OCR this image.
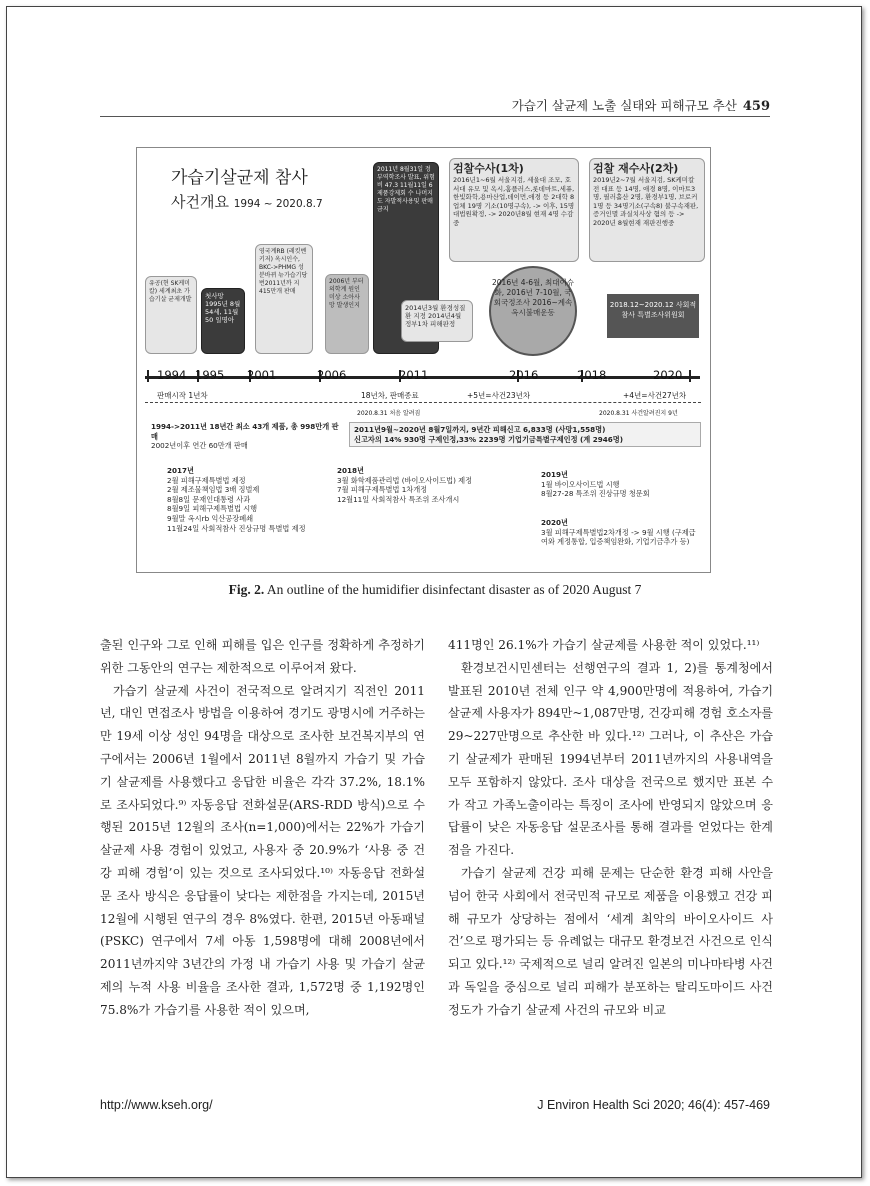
가습기 살균제 노출 실태와 피해규모 추산 459
가습기살균제 참사
사건개요 1994 ~ 2020.8.7
유공(현 SK케미칼) 세계최초 가습기살 균제개발	첫사망 1995년 8월54세, 11월50 일명아
영국계RB (레킷벤키저) 옥시인수, BKC->PHMG 성분바뀌 뉴가습기당 번2011년까 지 415만개 판매
2006년 부터 의학계 원인미상 소아사망 발생인지
2011년 8월31일 정부역학조사 발표, 위험비 47.3 11월11일 6제품강제회 수 나머지도 자발적사용및 판매금지
검찰수사(1차)
2016년1~6월 서울지검, 세울대 조모, 호서대 유모 및 옥시,홈플러스,롯데마트,세퓨,한빛화학,용마산업,데이먼,애경 등 2대학 8업체 19명 기소(10명구속), -> 이후, 15명대법원확정, -> 2020년8월 현재 4명 수감중
검찰 재수사(2차)
2019년2~7월 서울지검, SK케미칼 전 대표 등 14명, 애경 8명, 이마트3명, 필러홀산 2명, 환경부1명, 브로커1명 등 34명기소(구속8) 불구속재판, 증거인멸 과실치사상 혐의 등 -> 2020년 8월현재 재판진행중
2014년3월 환경성질환 지정 2014년4월 정부1차 피해판정
2016년 4-6월, 최대이슈화, 2016년 7-10월, 국회국정조사 2016~계속 옥시불매운동
2018.12~2020.12 사회적참사 특별조사위원회
1994 1995 2001	2006	2011	2016	2018	2020
판매시작 1년차	18년차, 판매종료	+5년=사건23년차	+4년=사건27년차
2020.8.31 처음 알려짐	2020.8.31 사건알려진지 9년
1994->2011년 18년간 최소 43개 제품, 총 998만개 판매
2002년이후 연간 60만개 판매
2011년9월~2020년 8월7일까지, 9년간 피해신고 6,833명 (사망1,558명)
신고자의 14% 930명 구제인정,33% 2239명 기업기금특별구제인정 (계 2946명)
2017년
2월 피해구제특별법 제정
2월 제조물책임법 3배 징벌제
8월8일 문재인대통령 사과
8월9일 피해구제특별법 시행
9월말 옥시rb 익산공장폐쇄
11월24일 사회적참사 진상규명 특별법 제정
2018년
3월 화학제품관리법 (바이오사이드법) 제정
7월 피해구제특별법 1차개정
12월11일 사회적참사 특조위 조사개시
2019년
1월 바이오사이드법 시행
8월27-28 특조위 진상규명 청문회
2020년
3월 피해구제특별법2차개정 -> 9월 시행 (구제급여와 계정통합, 입증책임완화, 기업기금추가 등)
Fig. 2. An outline of the humidifier disinfectant disaster as of 2020 August 7

출된 인구와 그로 인해 피해를 입은 인구를 정확하게 추정하기 위한 그동안의 연구는 제한적으로 이루어져 왔다.

가습기 살균제 사건이 전국적으로 알려지기 직전인 2011년, 대인 면접조사 방법을 이용하여 경기도 광명시에 거주하는 만 19세 이상 성인 94명을 대상으로 조사한 보건복지부의 연구에서는 2006년 1월에서 2011년 8월까지 가습기 및 가습기 살균제를 사용했다고 응답한 비율은 각각 37.2%, 18.1% 로 조사되었다.⁹⁾ 자동응답 전화설문(ARS-RDD 방식)으로 수행된 2015년 12월의 조사(n=1,000)에서는 22%가 가습기 살균제 사용 경험이 있었고, 사용자 중 20.9%가 ‘사용 중 건강 피해 경험’이 있는 것으로 조사되었다.¹⁰⁾ 자동응답 전화설문 조사 방식은 응답률이 낮다는 제한점을 가지는데, 2015년 12월에 시행된 연구의 경우 8%였다. 한편, 2015년 아동패널(PSKC) 연구에서 7세 아동 1,598명에 대해 2008년에서 2011년까지약 3년간의 가정 내 가습기 사용 및 가습기 살균제의 누적 사용 비율을 조사한 결과, 1,572명 중 1,192명인 75.8%가 가습기를 사용한 적이 있으며,

411명인 26.1%가 가습기 살균제를 사용한 적이 있었다.¹¹⁾

환경보건시민센터는 선행연구의 결과 1, 2)를 통계청에서 발표된 2010년 전체 인구 약 4,900만명에 적용하여, 가습기 살균제 사용자가 894만~1,087만명, 건강피해 경험 호소자를 29~227만명으로 추산한 바 있다.¹²⁾ 그러나, 이 추산은 가습기 살균제가 판매된 1994년부터 2011년까지의 사용내역을 모두 포함하지 않았다. 조사 대상을 전국으로 했지만 표본 수가 작고 가족노출이라는 특징이 조사에 반영되지 않았으며 응답률이 낮은 자동응답 설문조사를 통해 결과를 얻었다는 한계점을 가진다.

가습기 살균제 건강 피해 문제는 단순한 환경 피해 사안을 넘어 한국 사회에서 전국민적 규모로 제품을 이용했고 건강 피해 규모가 상당하는 점에서 ‘세계 최악의 바이오사이드 사건’으로 평가되는 등 유례없는 대규모 환경보건 사건으로 인식되고 있다.¹²⁾ 국제적으로 널리 알려진 일본의 미나마타병 사건과 독일을 중심으로 널리 피해가 분포하는 탈리도마이드 사건 정도가 가습기 살균제 사건의 규모와 비교

http://www.kseh.org/	J Environ Health Sci 2020; 46(4): 457-469
